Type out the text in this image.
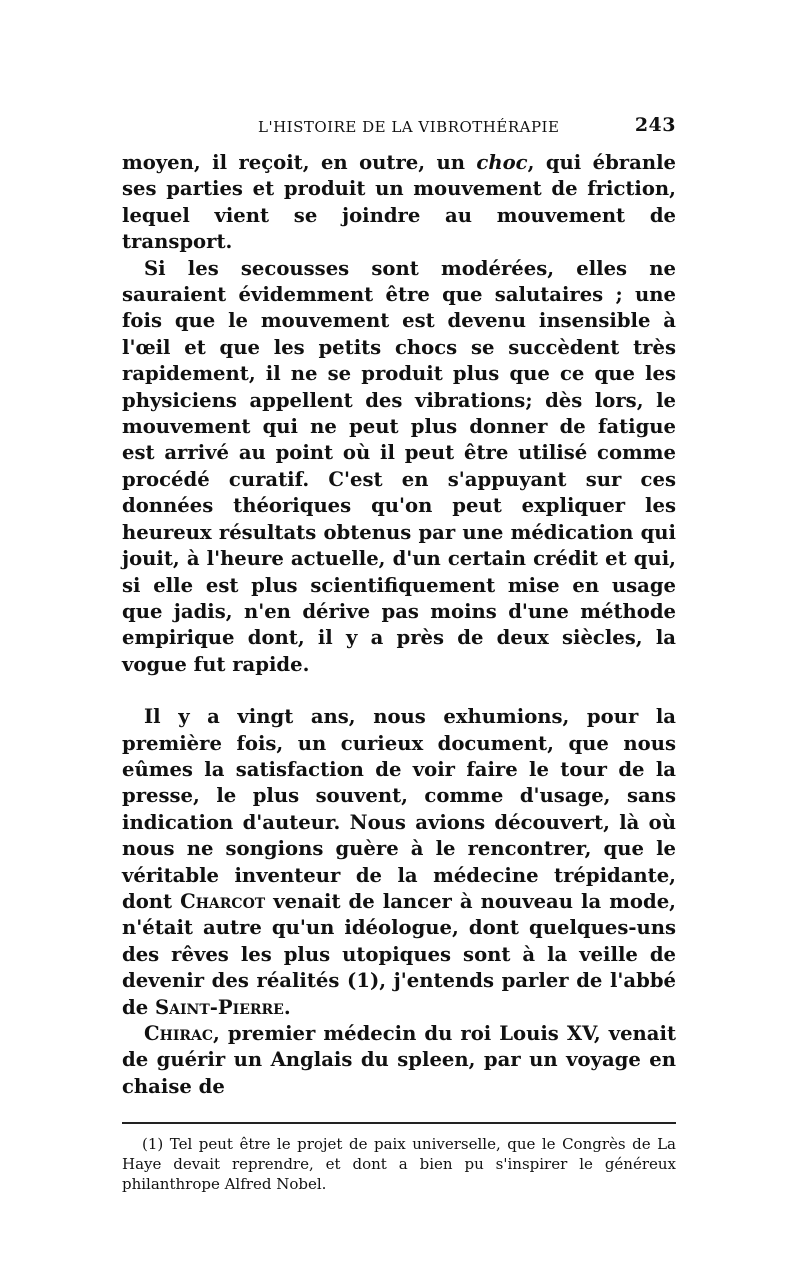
L'HISTOIRE DE LA VIBROTHÉRAPIE	243

moyen, il reçoit, en outre, un choc, qui ébranle ses parties et produit un mouvement de friction, lequel vient se joindre au mouvement de transport.

Si les secousses sont modérées, elles ne sauraient évidemment être que salutaires ; une fois que le mouvement est devenu insensible à l'œil et que les petits chocs se succèdent très rapidement, il ne se produit plus que ce que les physiciens appellent des vibrations; dès lors, le mouvement qui ne peut plus donner de fatigue est arrivé au point où il peut être utilisé comme procédé curatif. C'est en s'appuyant sur ces données théoriques qu'on peut expliquer les heureux résultats obtenus par une médication qui jouit, à l'heure actuelle, d'un certain crédit et qui, si elle est plus scientifiquement mise en usage que jadis, n'en dérive pas moins d'une méthode empirique dont, il y a près de deux siècles, la vogue fut rapide.

Il y a vingt ans, nous exhumions, pour la première fois, un curieux document, que nous eûmes la satisfaction de voir faire le tour de la presse, le plus souvent, comme d'usage, sans indication d'auteur. Nous avions découvert, là où nous ne songions guère à le rencontrer, que le véritable inventeur de la médecine trépidante, dont Charcot venait de lancer à nouveau la mode, n'était autre qu'un idéologue, dont quelques-uns des rêves les plus utopiques sont à la veille de devenir des réalités (1), j'entends parler de l'abbé de Saint-Pierre.

Chirac, premier médecin du roi Louis XV, venait de guérir un Anglais du spleen, par un voyage en chaise de

(1) Tel peut être le projet de paix universelle, que le Congrès de La Haye devait reprendre, et dont a bien pu s'inspirer le généreux philanthrope Alfred Nobel.
